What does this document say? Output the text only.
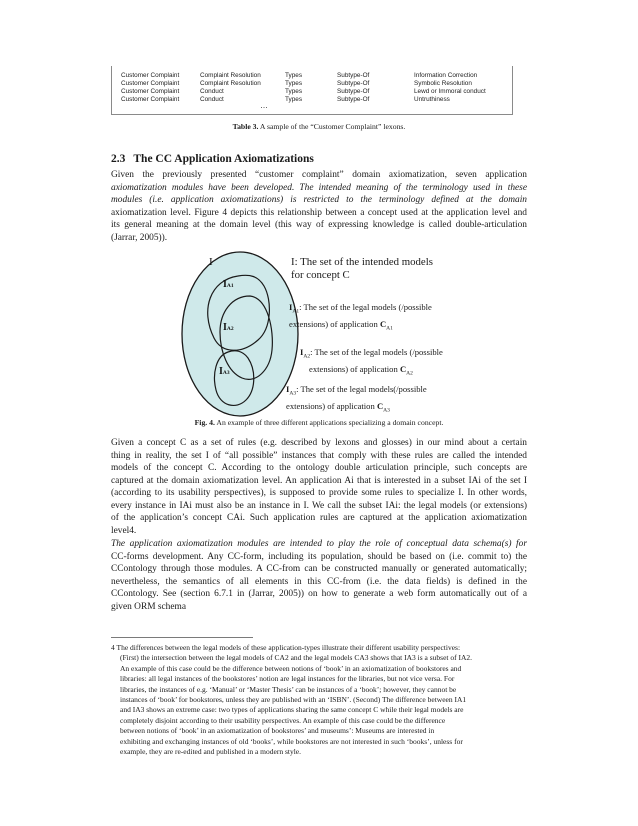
Customer Complaint	Complaint Resolution	Types	Subtype-Of	Information Correction
Customer Complaint	Complaint Resolution	Types	Subtype-Of	Symbolic Resolution
Customer Complaint	Conduct	Types	Subtype-Of	Lewd or Immoral conduct
Customer Complaint	Conduct	Types	Subtype-Of	Untruthiness
…
Table 3. A sample of the “Customer Complaint” lexons.
2.3 The CC Application Axiomatizations
Given the previously presented “customer complaint” domain axiomatization, seven application
axiomatization modules have been developed. The intended meaning of the terminology used in these
modules (i.e. application axiomatizations) is restricted to the terminology defined at the domain
axiomatization level. Figure 4 depicts this relationship between a concept used at the application level and
its general meaning at the domain level (this way of expressing knowledge is called double-articulation
(Jarrar, 2005)).
I
IA1
IA2
IA3
I: The set of the intended models
for concept C
$I_{A1}$: The set of the legal models (/possible
extensions) of application $C_{A1}$
$I_{A2}$: The set of the legal models (/possible
extensions) of application $C_{A2}$
$I_{A3}$: The set of the legal models(/possible
extensions) of application $C_{A3}$
Fig. 4. An example of three different applications specializing a domain concept.
Given a concept C as a set of rules (e.g. described by lexons and glosses) in our mind about a certain
thing in reality, the set I of “all possible” instances that comply with these rules are called the intended
models of the concept C. According to the ontology double articulation principle, such concepts are
captured at the domain axiomatization level. An application Ai that is interested in a subset IAi of the set I
(according to its usability perspectives), is supposed to provide some rules to specialize I. In other words,
every instance in IAi must also be an instance in I. We call the subset IAi: the legal models (or extensions)
of the application’s concept CAi. Such application rules are captured at the application axiomatization
level4.
The application axiomatization modules are intended to play the role of conceptual data schema(s) for
CC-forms development. Any CC-form, including its population, should be based on (i.e. commit to) the
CContology through those modules. A CC-from can be constructed manually or generated automatically;
nevertheless, the semantics of all elements in this CC-from (i.e. the data fields) is defined in the
CContology. See (section 6.7.1 in (Jarrar, 2005)) on how to generate a web form automatically out of a
given ORM schema
4 The differences between the legal models of these application-types illustrate their different usability perspectives:
(First) the intersection between the legal models of CA2 and the legal models CA3 shows that IA3 is a subset of IA2.
An example of this case could be the difference between notions of ‘book’ in an axiomatization of bookstores and
libraries: all legal instances of the bookstores’ notion are legal instances for the libraries, but not vice versa. For
libraries, the instances of e.g. ‘Manual’ or ‘Master Thesis’ can be instances of a ‘book’; however, they cannot be
instances of ‘book’ for bookstores, unless they are published with an ‘ISBN’. (Second) The difference between IA1
and IA3 shows an extreme case: two types of applications sharing the same concept C while their legal models are
completely disjoint according to their usability perspectives. An example of this case could be the difference
between notions of ‘book’ in an axiomatization of bookstores’ and museums’: Museums are interested in
exhibiting and exchanging instances of old ‘books’, while bookstores are not interested in such ‘books’, unless for
example, they are re-edited and published in a modern style.
